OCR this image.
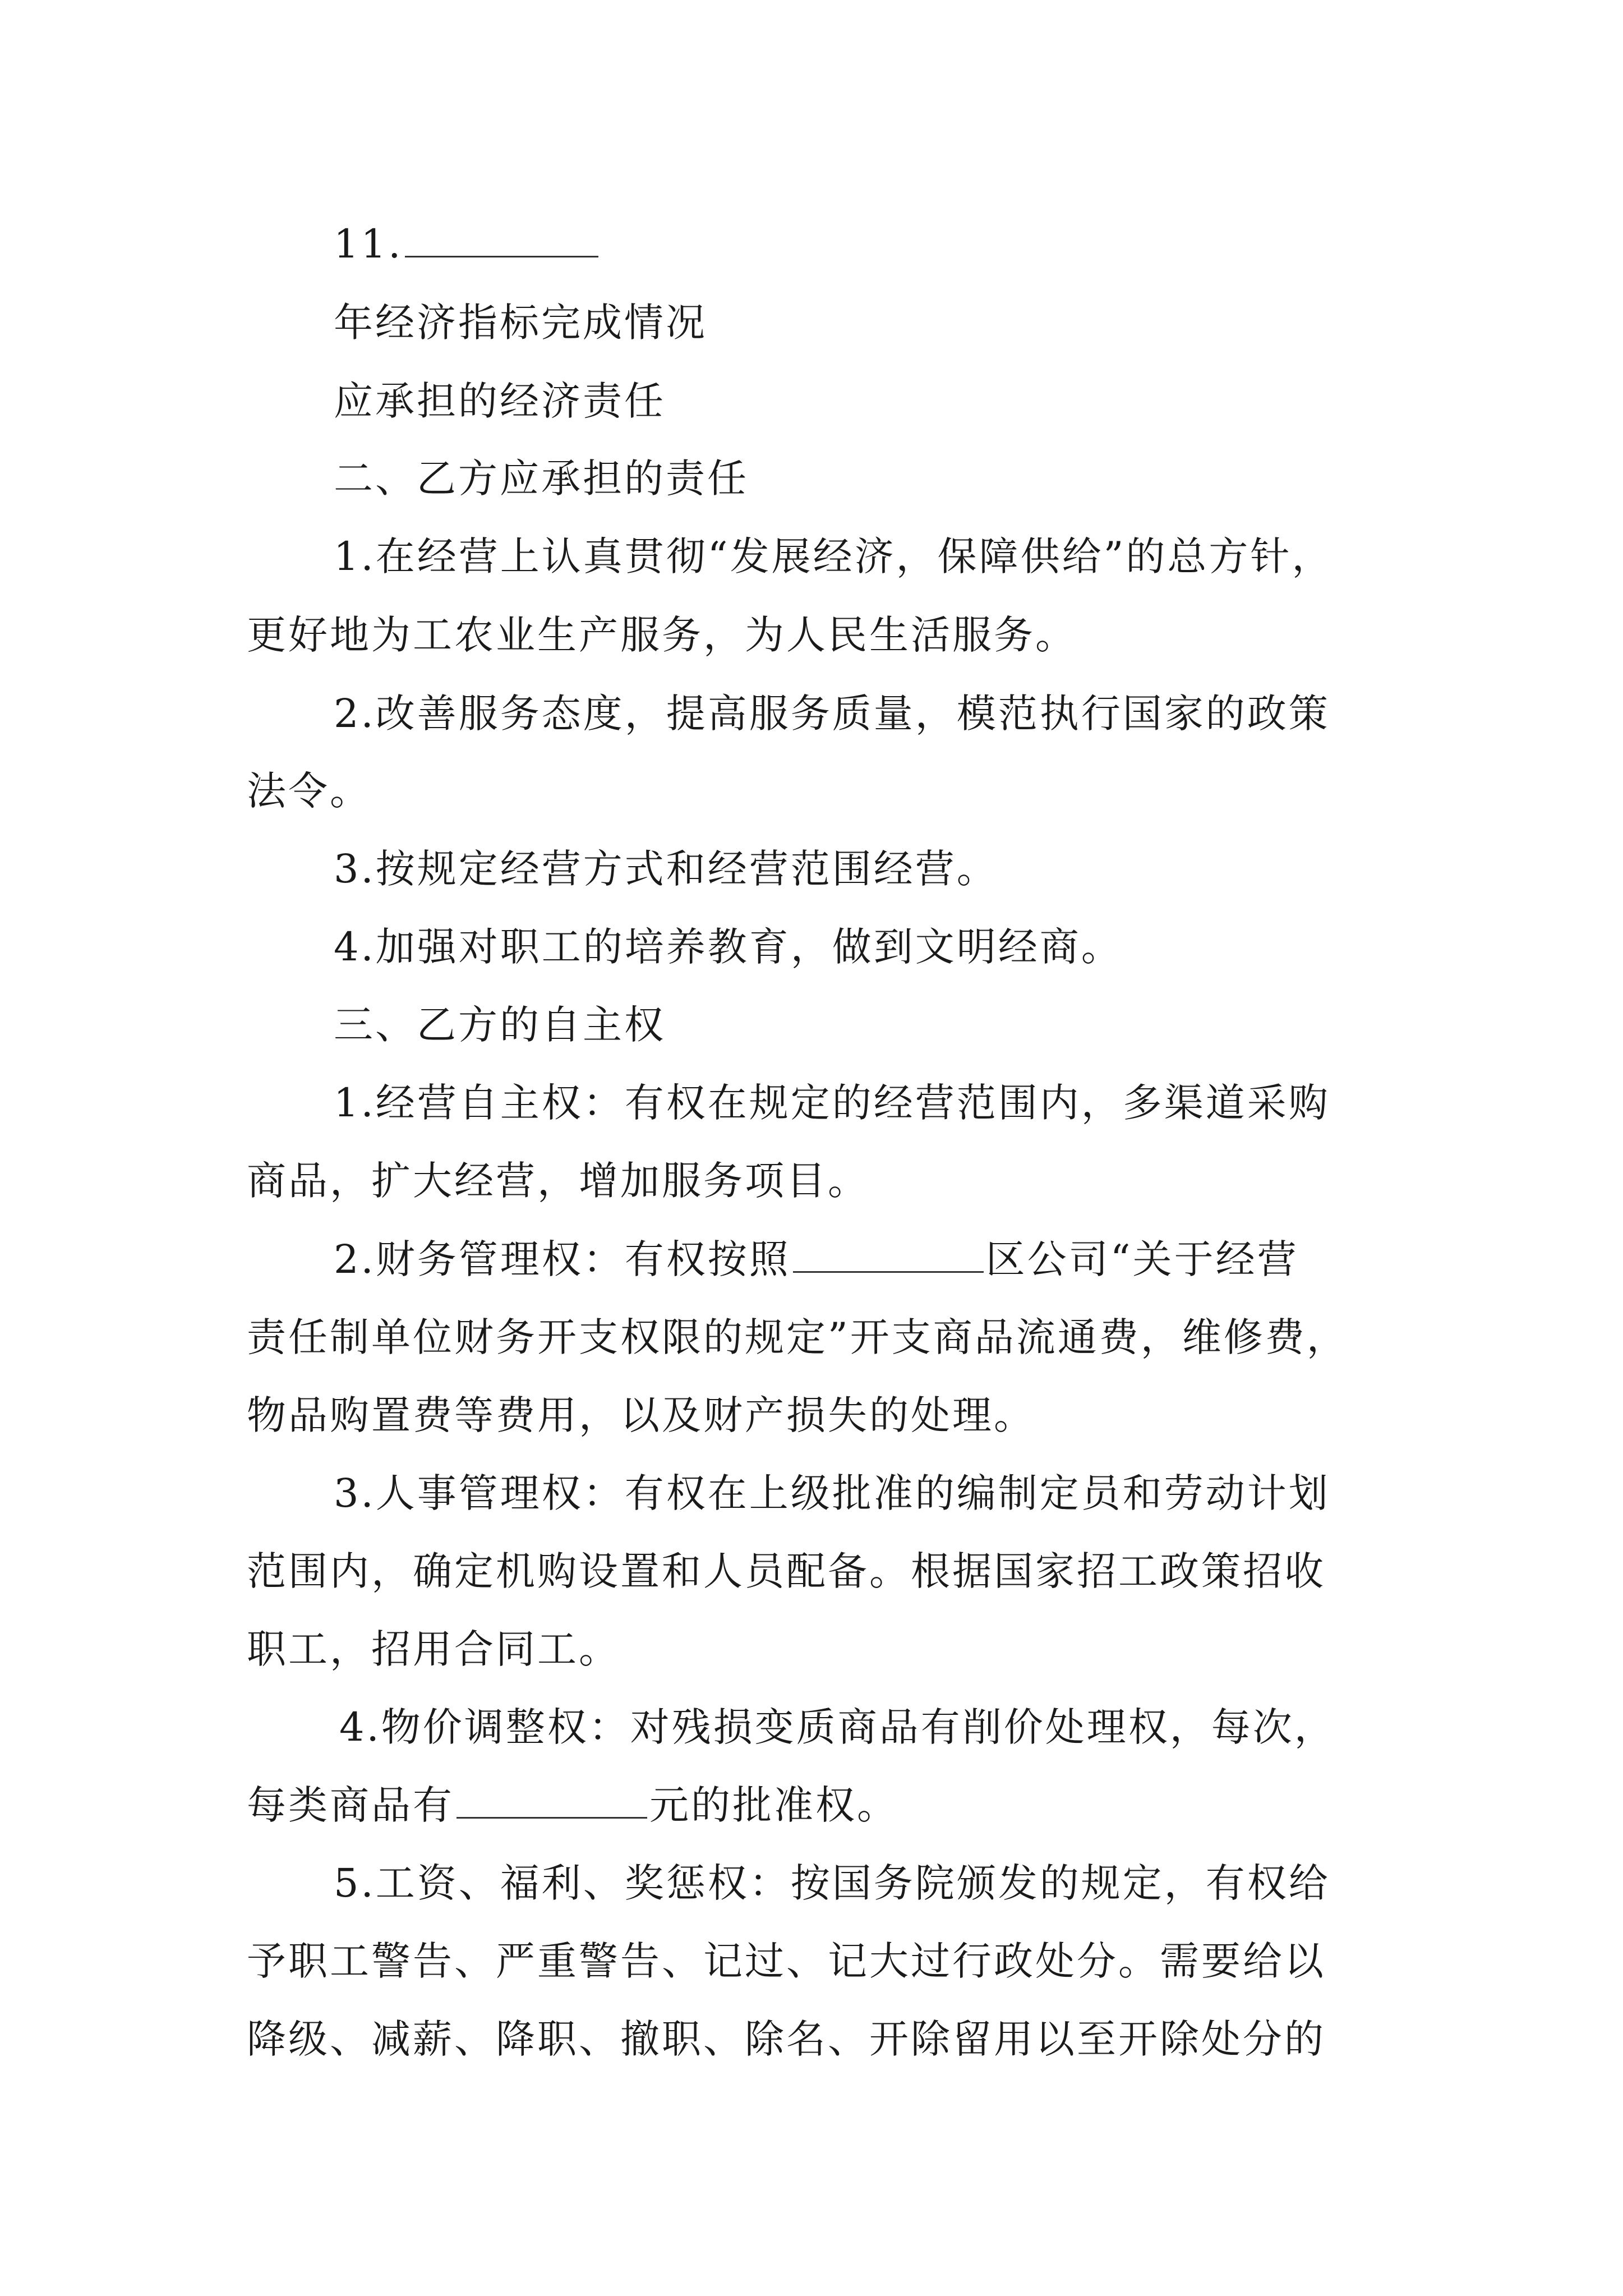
11.
年经济指标完成情况
应承担的经济责任
二、乙方应承担的责任
1.在经营上认真贯彻“发展经济，保障供给”的总方针，
更好地为工农业生产服务，为人民生活服务。
2.改善服务态度，提高服务质量，模范执行国家的政策
法令。
3.按规定经营方式和经营范围经营。
4.加强对职工的培养教育，做到文明经商。
三、乙方的自主权
1.经营自主权：有权在规定的经营范围内，多渠道采购
商品，扩大经营，增加服务项目。
2.财务管理权：有权按照	区公司“关于经营
责任制单位财务开支权限的规定”开支商品流通费，维修费，
物品购置费等费用，以及财产损失的处理。
3.人事管理权：有权在上级批准的编制定员和劳动计划
范围内，确定机购设置和人员配备。根据国家招工政策招收
职工，招用合同工。
4.物价调整权：对残损变质商品有削价处理权，每次，
每类商品有	元的批准权。
5.工资、福利、奖惩权：按国务院颁发的规定，有权给
予职工警告、严重警告、记过、记大过行政处分。需要给以
降级、减薪、降职、撤职、除名、开除留用以至开除处分的
